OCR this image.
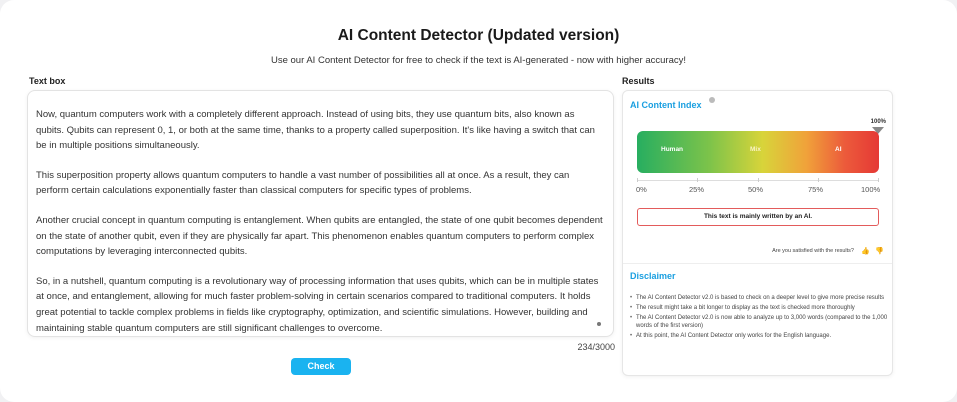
AI Content Detector (Updated version)
Use our AI Content Detector for free to check if the text is AI-generated - now with higher accuracy!
Text box	Results

Now, quantum computers work with a completely different approach. Instead of using bits, they use quantum bits, also known as qubits. Qubits can represent 0, 1, or both at the same time, thanks to a property called superposition. It's like having a switch that can be in multiple positions simultaneously.

This superposition property allows quantum computers to handle a vast number of possibilities all at once. As a result, they can perform certain calculations exponentially faster than classical computers for specific types of problems.

Another crucial concept in quantum computing is entanglement. When qubits are entangled, the state of one qubit becomes dependent on the state of another qubit, even if they are physically far apart. This phenomenon enables quantum computers to perform complex computations by leveraging interconnected qubits.

So, in a nutshell, quantum computing is a revolutionary way of processing information that uses qubits, which can be in multiple states at once, and entanglement, allowing for much faster problem-solving in certain scenarios compared to traditional computers. It holds great potential to tackle complex problems in fields like cryptography, optimization, and scientific simulations. However, building and maintaining stable quantum computers are still significant challenges to overcome.

234/3000
Check
AI Content Index
100%
Human	Mix	AI
0%	25%	50%	75%	100%
This text is mainly written by an AI.
Are you satisfied with the results? 👍 👎
Disclaimer
• The AI Content Detector v2.0 is based to check on a deeper level to give more precise results
• The result might take a bit longer to display as the text is checked more thoroughly
• The AI Content Detector v2.0 is now able to analyze up to 3,000 words (compared to the 1,000 words of the first version)
• At this point, the AI Content Detector only works for the English language.
